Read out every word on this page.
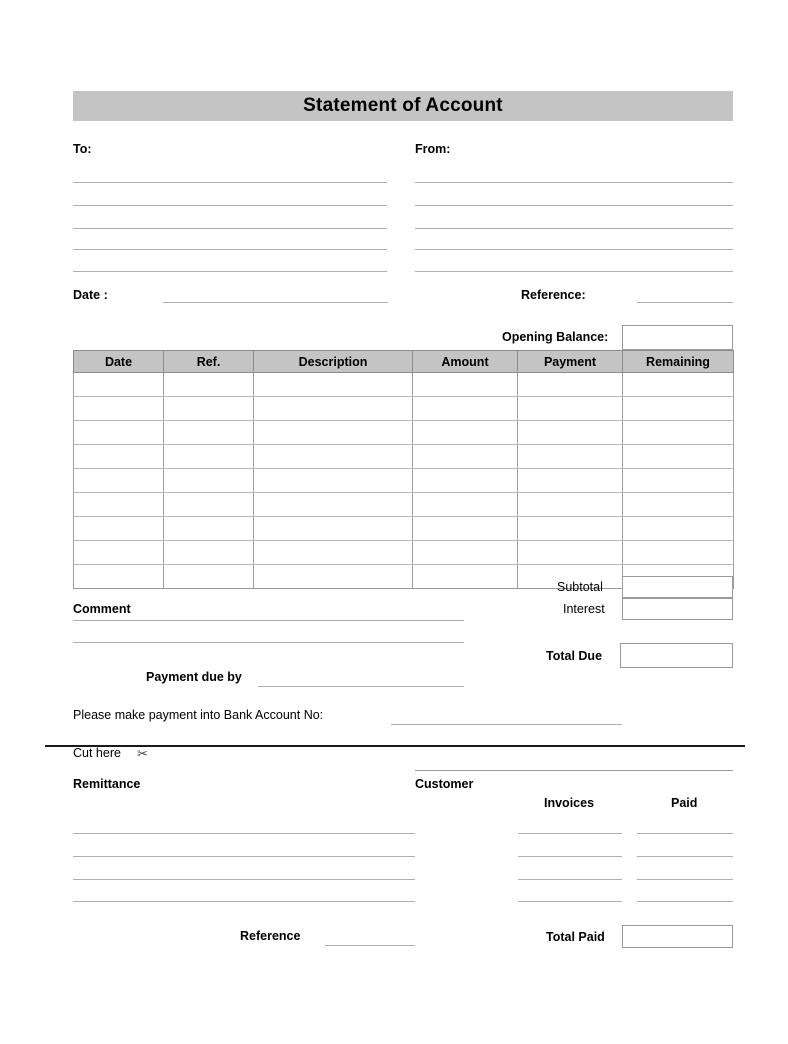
Statement of Account
To:	From:
Date :	Reference:
Opening Balance:
Date	Ref.	Description	Amount	Payment	Remaining

Subtotal
Interest
Total Due
Comment
Payment due by
Please make payment into Bank Account No:
Cut here ✂
Remittance
Reference
Customer
Invoices	Paid
Total Paid
